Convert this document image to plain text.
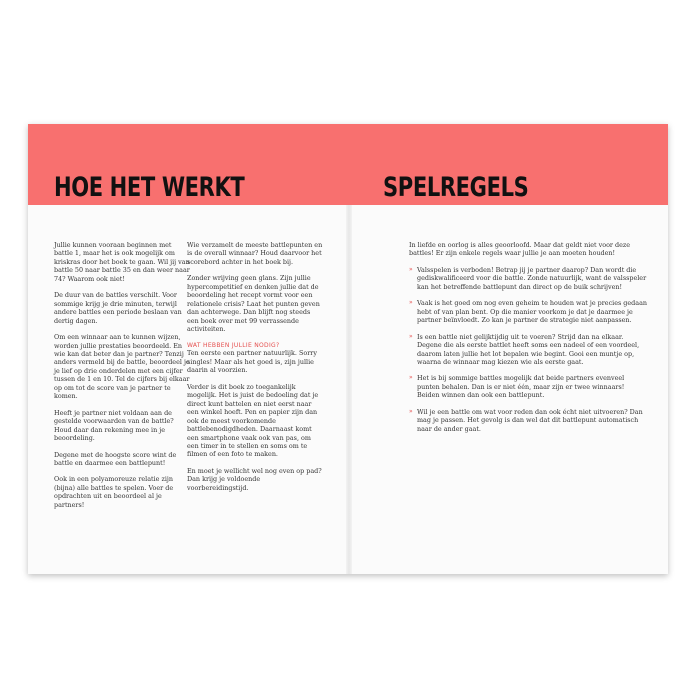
HOE HET WERKT

Jullie kunnen vooraan beginnen met battle 1, maar het is ook mogelijk om kriskras door het boek te gaan. Wil jij van battle 50 naar battle 35 en dan weer naar 74? Waarom ook niet!

De duur van de battles verschilt. Voor sommige krijg je drie minuten, terwijl andere battles een periode beslaan van dertig dagen.

Om een winnaar aan te kunnen wijzen, worden jullie prestaties beoordeeld. En wie kan dat beter dan je partner? Tenzij anders vermeld bij de battle, beoordeel je je lief op drie onderdelen met een cijfer tussen de 1 en 10. Tel de cijfers bij elkaar op om tot de score van je partner te komen.

Heeft je partner niet voldaan aan de gestelde voorwaarden van de battle? Houd daar dan rekening mee in je beoordeling.

Degene met de hoogste score wint de battle en daarmee een battlepunt!

Ook in een polyamoreuze relatie zijn (bijna) alle battles te spelen. Voer de opdrachten uit en beoordeel al je partners!

Wie verzamelt de meeste battlepunten en is de overall winnaar? Houd daarvoor het scorebord achter in het boek bij.

Zonder wrijving geen glans. Zijn jullie hypercompetitief en denken jullie dat de beoordeling het recept vormt voor een relationele crisis? Laat het punten geven dan achterwege. Dan blijft nog steeds een boek over met 99 verrassende activiteiten.

WAT HEBBEN JULLIE NODIG?

Ten eerste een partner natuurlijk. Sorry singles! Maar als het goed is, zijn jullie daarin al voorzien.

Verder is dit boek zo toegankelijk mogelijk. Het is juist de bedoeling dat je direct kunt battelen en niet eerst naar een winkel hoeft. Pen en papier zijn dan ook de meest voorkomende battlebenodigdheden. Daarnaast komt een smartphone vaak ook van pas, om een timer in te stellen en soms om te filmen of een foto te maken.

En moet je wellicht wel nog even op pad? Dan krijg je voldoende voorbereidingstijd.

SPELREGELS

In liefde en oorlog is alles geoorloofd. Maar dat geldt niet voor deze battles! Er zijn enkele regels waar jullie je aan moeten houden!

» Valsspelen is verboden! Betrap jij je partner daarop? Dan wordt die gediskwalificeerd voor die battle. Zonde natuurlijk, want de valsspeler kan het betreffende battlepunt dan direct op de buik schrijven!
» Vaak is het goed om nog even geheim te houden wat je precies gedaan hebt of van plan bent. Op die manier voorkom je dat je daarmee je partner beïnvloedt. Zo kan je partner de strategie niet aanpassen.
» Is een battle niet gelijktijdig uit te voeren? Strijd dan na elkaar. Degene die als eerste battlet heeft soms een nadeel of een voordeel, daarom laten jullie het lot bepalen wie begint. Gooi een muntje op, waarna de winnaar mag kiezen wie als eerste gaat.
» Het is bij sommige battles mogelijk dat beide partners evenveel punten behalen. Dan is er niet één, maar zijn er twee winnaars! Beiden winnen dan ook een battlepunt.
» Wil je een battle om wat voor reden dan ook écht niet uitvoeren? Dan mag je passen. Het gevolg is dan wel dat dit battlepunt automatisch naar de ander gaat.
